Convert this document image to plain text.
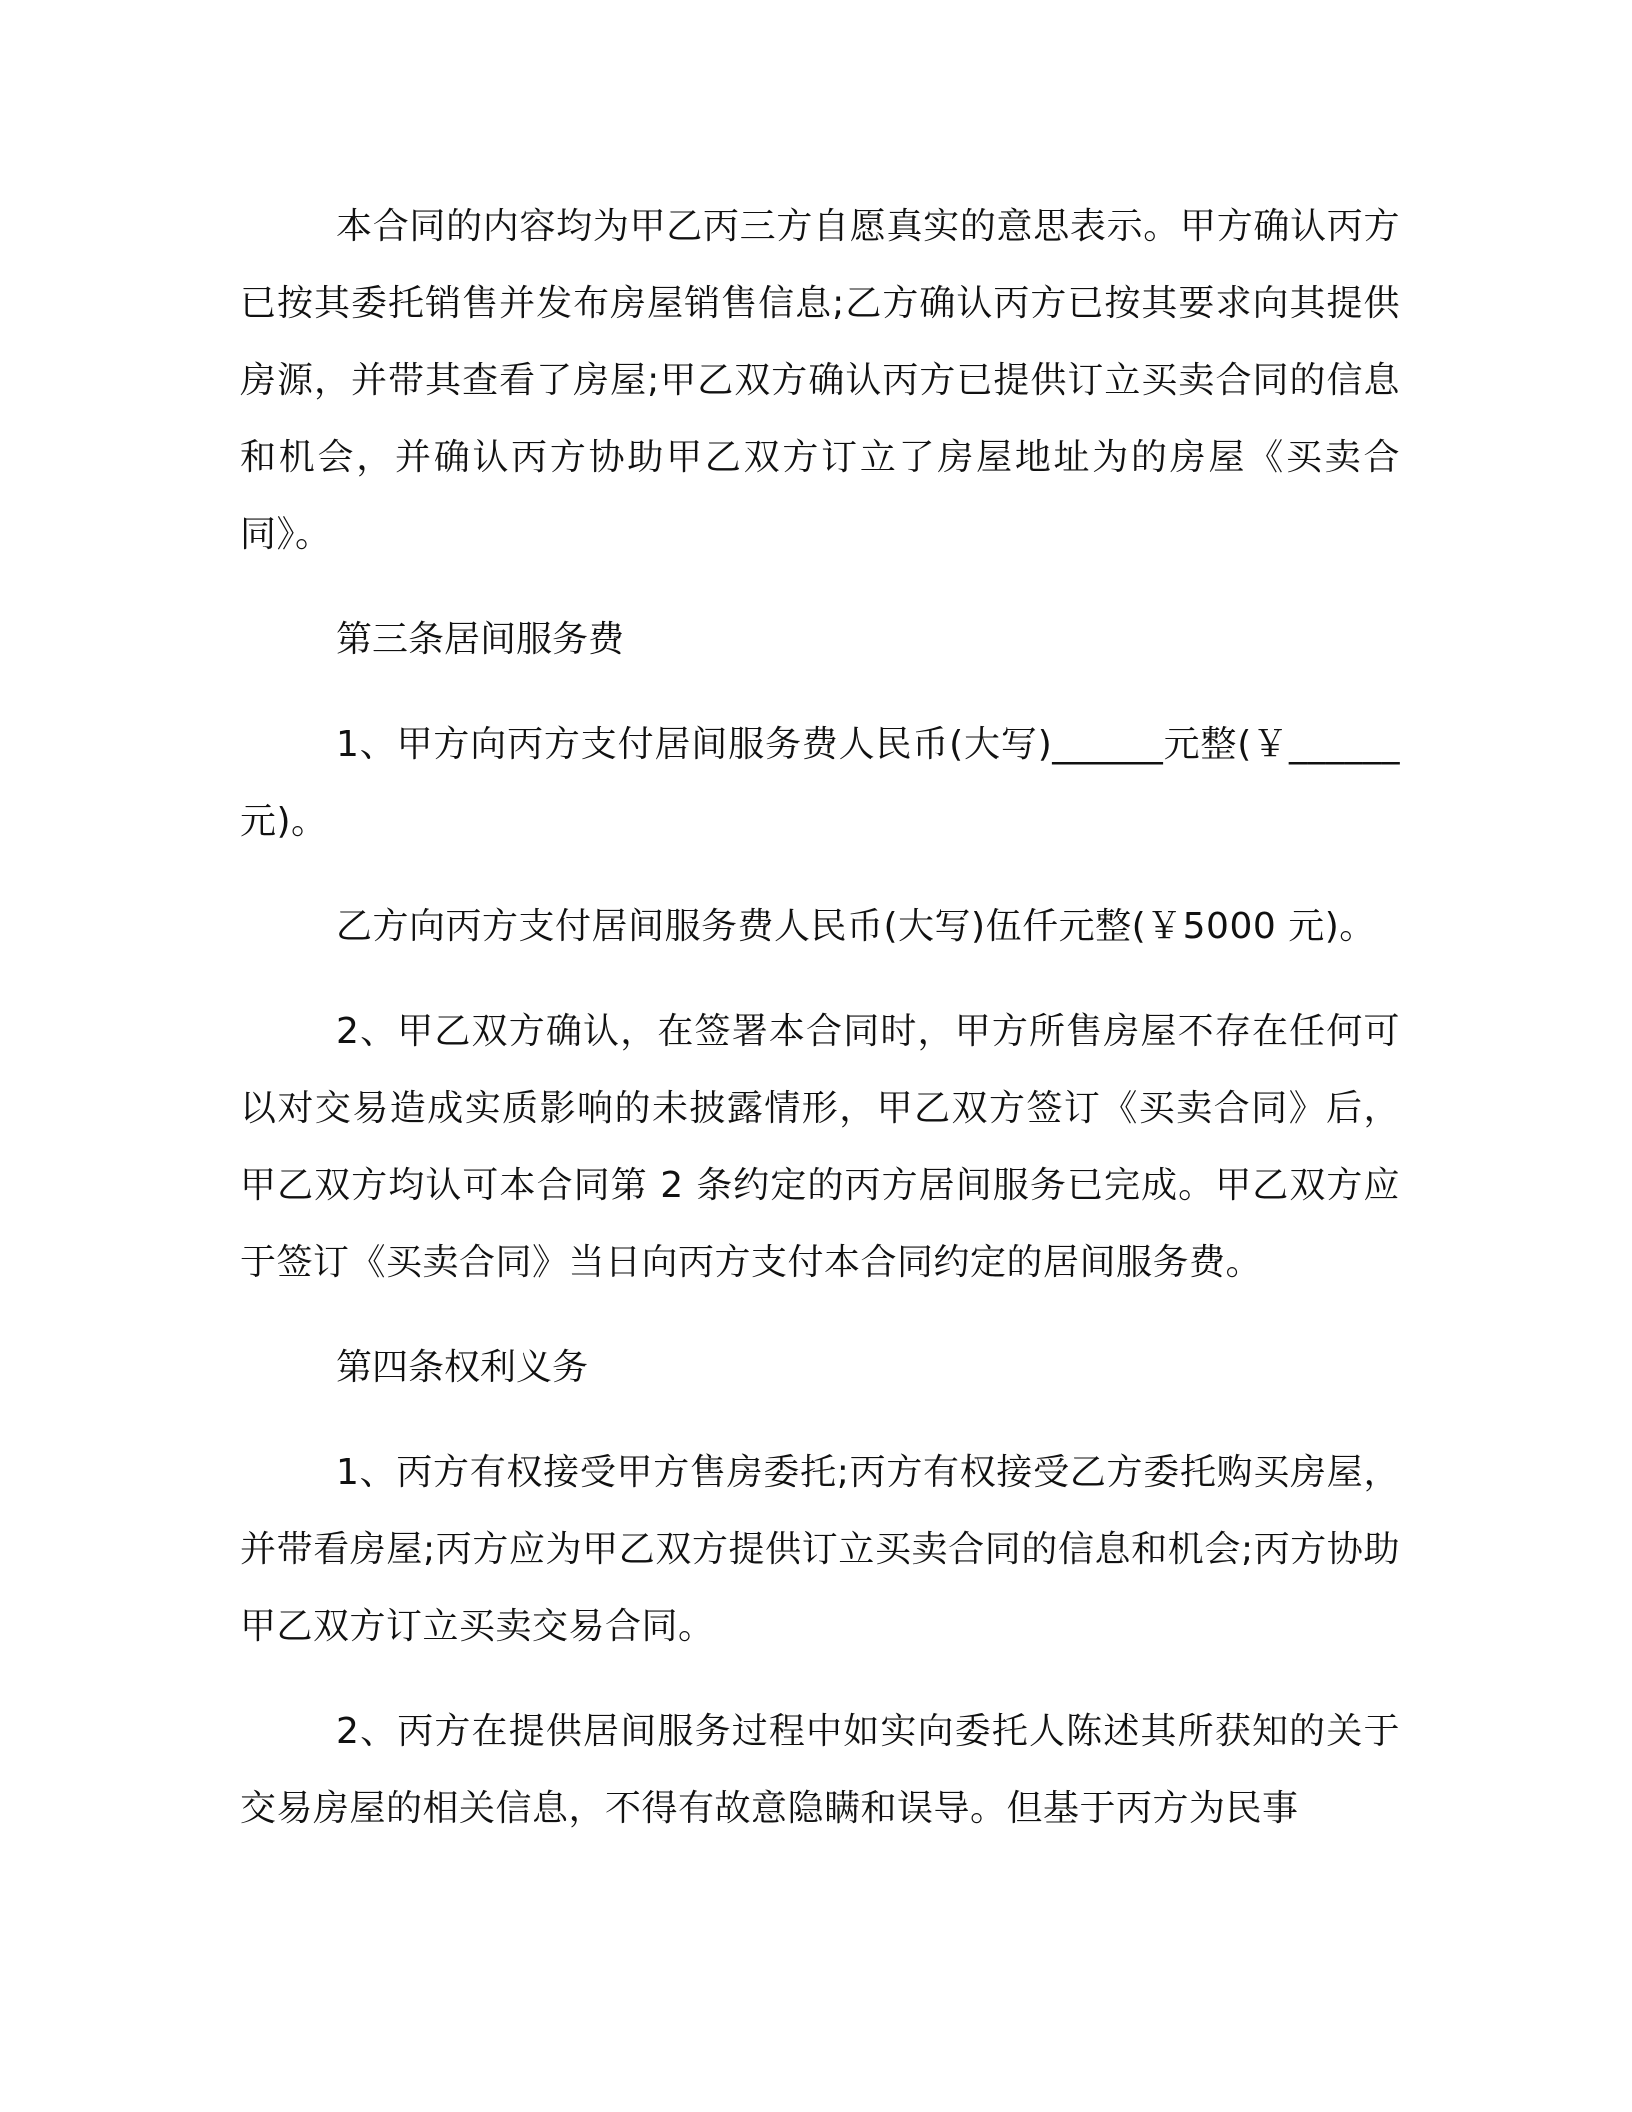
本合同的内容均为甲乙丙三方自愿真实的意思表示。甲方确认丙方已按其委托销售并发布房屋销售信息;乙方确认丙方已按其要求向其提供房源，并带其查看了房屋;甲乙双方确认丙方已提供订立买卖合同的信息和机会，并确认丙方协助甲乙双方订立了房屋地址为的房屋《买卖合同》。

第三条居间服务费

1、甲方向丙方支付居间服务费人民币(大写)______元整(￥______元)。

乙方向丙方支付居间服务费人民币(大写)伍仟元整(￥5000 元)。

2、甲乙双方确认，在签署本合同时，甲方所售房屋不存在任何可以对交易造成实质影响的未披露情形，甲乙双方签订《买卖合同》后，甲乙双方均认可本合同第 2 条约定的丙方居间服务已完成。甲乙双方应于签订《买卖合同》当日向丙方支付本合同约定的居间服务费。

第四条权利义务

1、丙方有权接受甲方售房委托;丙方有权接受乙方委托购买房屋，并带看房屋;丙方应为甲乙双方提供订立买卖合同的信息和机会;丙方协助甲乙双方订立买卖交易合同。

2、丙方在提供居间服务过程中如实向委托人陈述其所获知的关于交易房屋的相关信息，不得有故意隐瞒和误导。但基于丙方为民事
